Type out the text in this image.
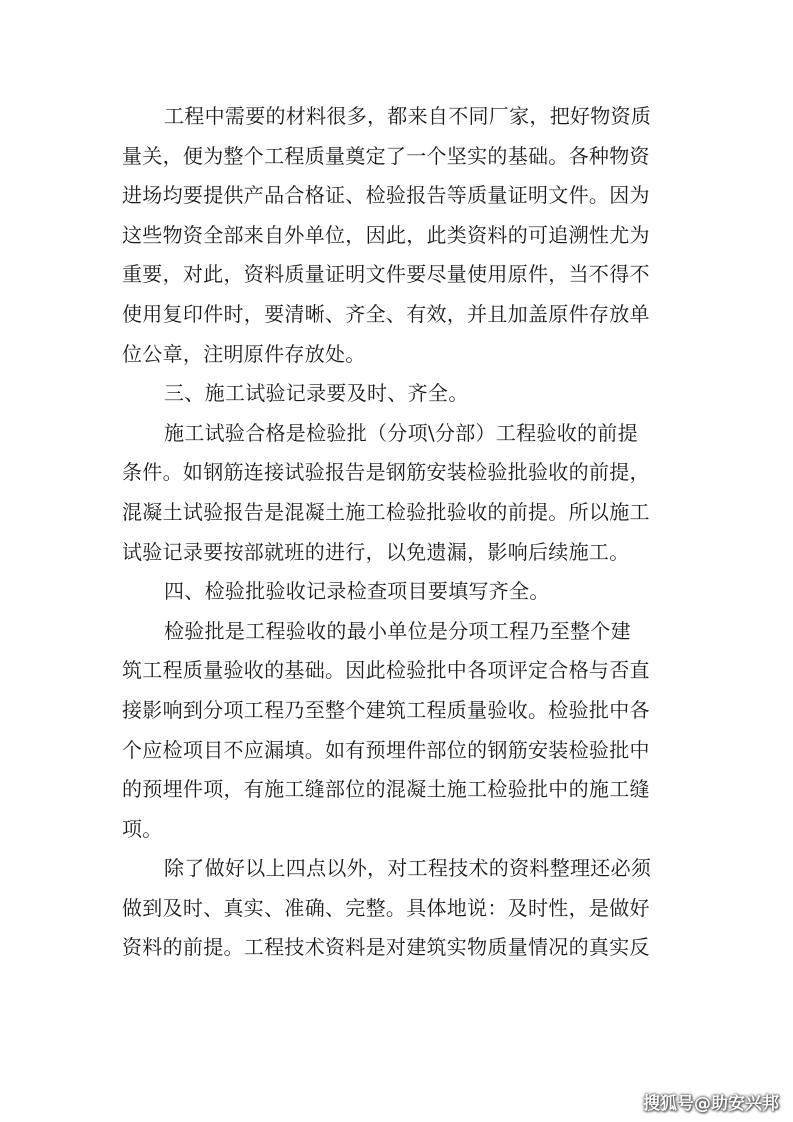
工程中需要的材料很多，都来自不同厂家，把好物资质
量关，便为整个工程质量奠定了一个坚实的基础。各种物资
进场均要提供产品合格证、检验报告等质量证明文件。因为
这些物资全部来自外单位，因此，此类资料的可追溯性尤为
重要，对此，资料质量证明文件要尽量使用原件，当不得不
使用复印件时，要清晰、齐全、有效，并且加盖原件存放单
位公章，注明原件存放处。
三、施工试验记录要及时、齐全。
施工试验合格是检验批（分项\分部）工程验收的前提
条件。如钢筋连接试验报告是钢筋安装检验批验收的前提，
混凝土试验报告是混凝土施工检验批验收的前提。所以施工
试验记录要按部就班的进行，以免遗漏，影响后续施工。
四、检验批验收记录检查项目要填写齐全。
检验批是工程验收的最小单位是分项工程乃至整个建
筑工程质量验收的基础。因此检验批中各项评定合格与否直
接影响到分项工程乃至整个建筑工程质量验收。检验批中各
个应检项目不应漏填。如有预埋件部位的钢筋安装检验批中
的预埋件项，有施工缝部位的混凝土施工检验批中的施工缝
项。
除了做好以上四点以外，对工程技术的资料整理还必须
做到及时、真实、准确、完整。具体地说：及时性，是做好
资料的前提。工程技术资料是对建筑实物质量情况的真实反
搜狐号@助安兴邦
